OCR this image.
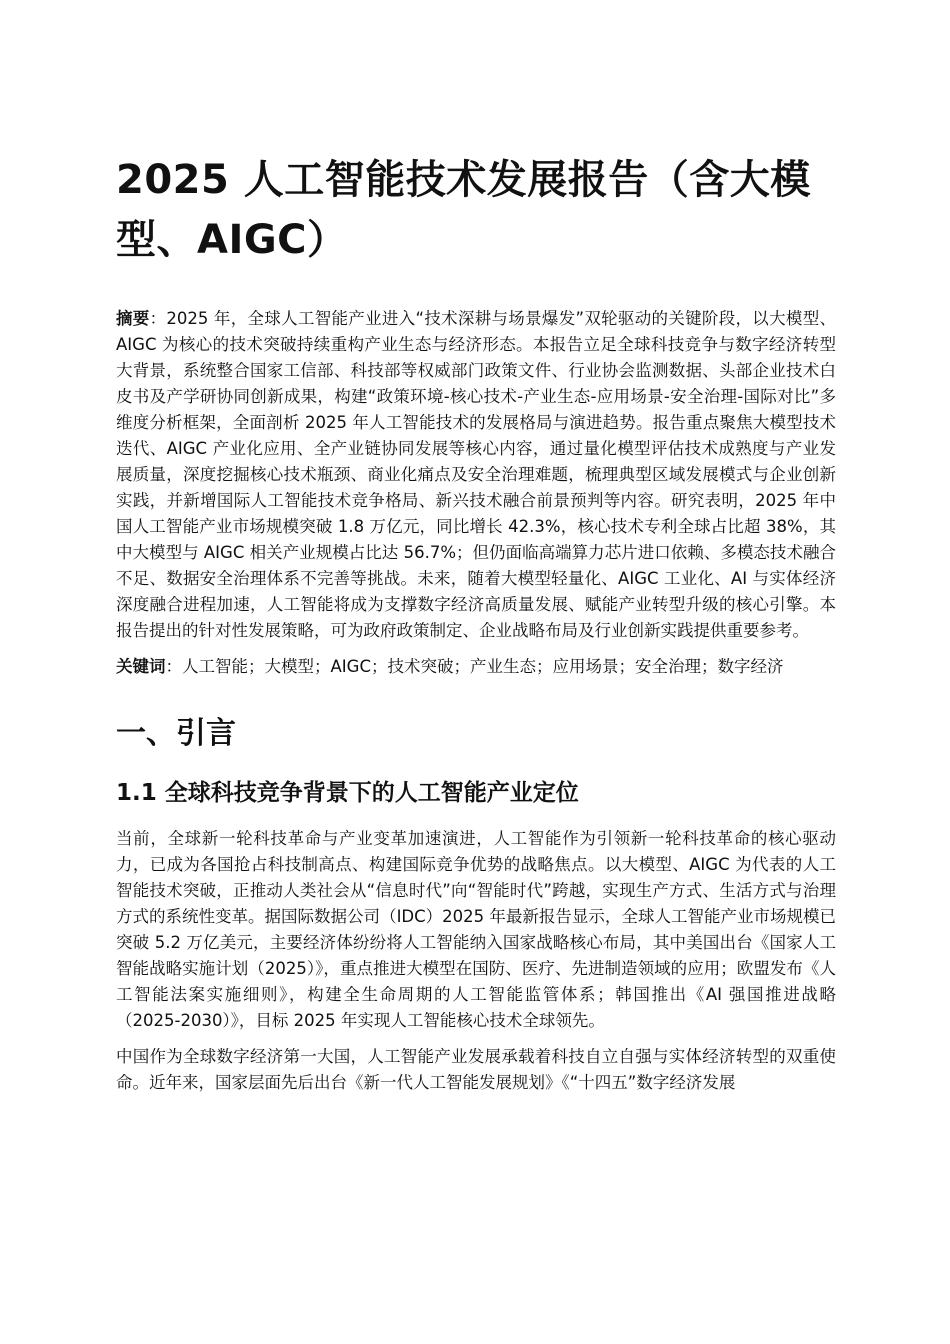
2025 人工智能技术发展报告（含大模型、AIGC）

摘要：2025 年，全球人工智能产业进入“技术深耕与场景爆发”双轮驱动的关键阶段，以大模型、AIGC 为核心的技术突破持续重构产业生态与经济形态。本报告立足全球科技竞争与数字经济转型大背景，系统整合国家工信部、科技部等权威部门政策文件、行业协会监测数据、头部企业技术白皮书及产学研协同创新成果，构建“政策环境-核心技术-产业生态-应用场景-安全治理-国际对比”多维度分析框架，全面剖析 2025 年人工智能技术的发展格局与演进趋势。报告重点聚焦大模型技术迭代、AIGC 产业化应用、全产业链协同发展等核心内容，通过量化模型评估技术成熟度与产业发展质量，深度挖掘核心技术瓶颈、商业化痛点及安全治理难题，梳理典型区域发展模式与企业创新实践，并新增国际人工智能技术竞争格局、新兴技术融合前景预判等内容。研究表明，2025 年中国人工智能产业市场规模突破 1.8 万亿元，同比增长 42.3%，核心技术专利全球占比超 38%，其中大模型与 AIGC 相关产业规模占比达 56.7%；但仍面临高端算力芯片进口依赖、多模态技术融合不足、数据安全治理体系不完善等挑战。未来，随着大模型轻量化、AIGC 工业化、AI 与实体经济深度融合进程加速，人工智能将成为支撑数字经济高质量发展、赋能产业转型升级的核心引擎。本报告提出的针对性发展策略，可为政府政策制定、企业战略布局及行业创新实践提供重要参考。

关键词：人工智能；大模型；AIGC；技术突破；产业生态；应用场景；安全治理；数字经济

一、引言
1.1 全球科技竞争背景下的人工智能产业定位

当前，全球新一轮科技革命与产业变革加速演进，人工智能作为引领新一轮科技革命的核心驱动力，已成为各国抢占科技制高点、构建国际竞争优势的战略焦点。以大模型、AIGC 为代表的人工智能技术突破，正推动人类社会从“信息时代”向“智能时代”跨越，实现生产方式、生活方式与治理方式的系统性变革。据国际数据公司（IDC）2025 年最新报告显示，全球人工智能产业市场规模已突破 5.2 万亿美元，主要经济体纷纷将人工智能纳入国家战略核心布局，其中美国出台《国家人工智能战略实施计划（2025）》，重点推进大模型在国防、医疗、先进制造领域的应用；欧盟发布《人工智能法案实施细则》，构建全生命周期的人工智能监管体系；韩国推出《AI 强国推进战略（2025-2030）》，目标 2025 年实现人工智能核心技术全球领先。

中国作为全球数字经济第一大国，人工智能产业发展承载着科技自立自强与实体经济转型的双重使命。近年来，国家层面先后出台《新一代人工智能发展规划》《“十四五”数字经济发展
